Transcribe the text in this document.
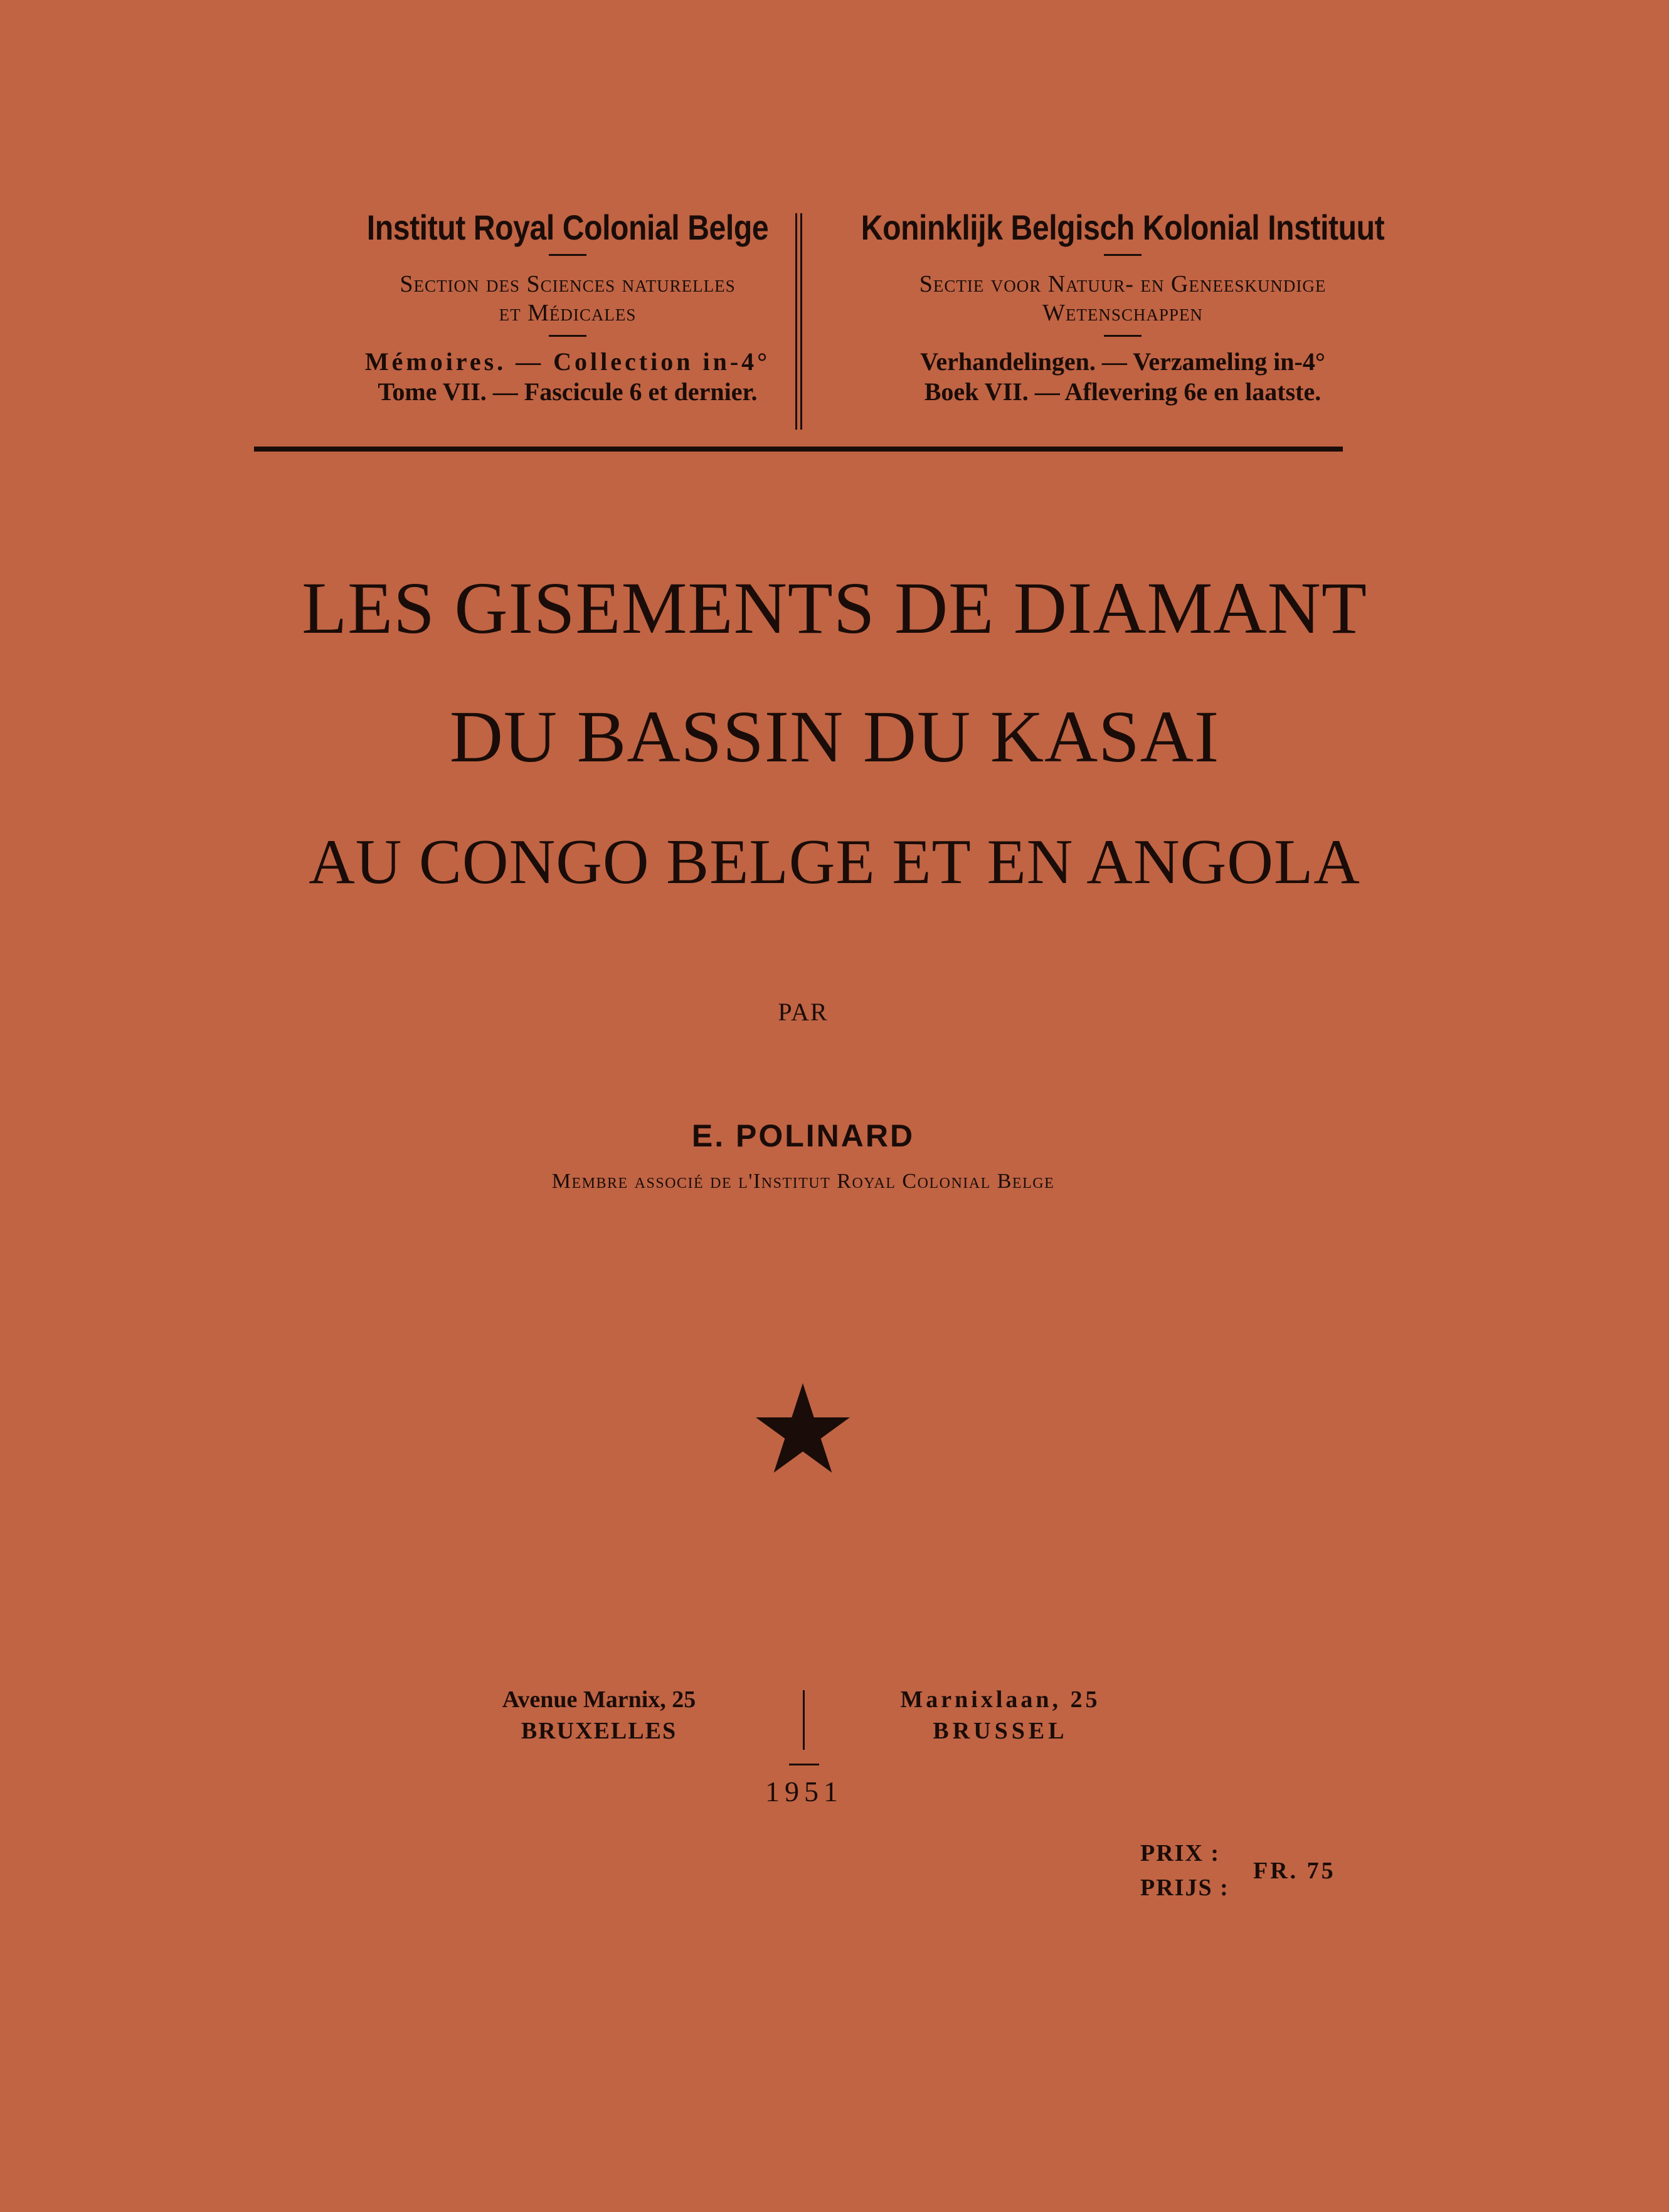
Institut Royal Colonial Belge
Section des Sciences naturelles
et Médicales
Mémoires. — Collection in-4°
Tome VII. — Fascicule 6 et dernier.
Koninklijk Belgisch Kolonial Instituut
Sectie voor Natuur- en Geneeskundige
Wetenschappen
Verhandelingen. — Verzameling in-4°
Boek VII. — Aflevering 6e en laatste.
LES GISEMENTS DE DIAMANT
DU BASSIN DU KASAI
AU CONGO BELGE ET EN ANGOLA
PAR
E. POLINARD
Membre associé de l'Institut Royal Colonial Belge
Avenue Marnix, 25
BRUXELLES
Marnixlaan, 25
BRUSSEL
1951
PRIX :
PRIJS :
FR. 75
